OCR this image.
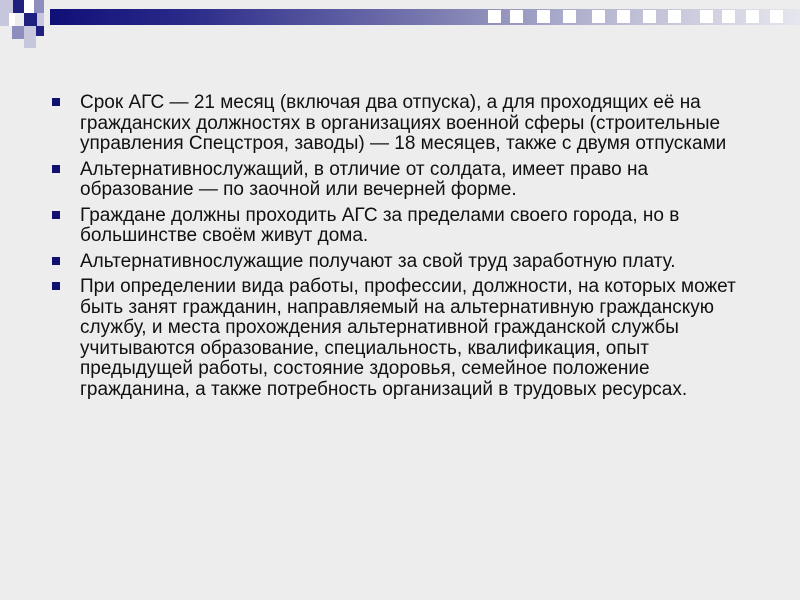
Срок АГС — 21 месяц (включая два отпуска), а для проходящих её на гражданских должностях в организациях военной сферы (строительные управления Спецстроя, заводы) — 18 месяцев, также с двумя отпусками
Альтернативнослужащий, в отличие от солдата, имеет право на образование — по заочной или вечерней форме.
Граждане должны проходить АГС за пределами своего города, но в большинстве своём живут дома.
Альтернативнослужащие получают за свой труд заработную плату.
При определении вида работы, профессии, должности, на которых может быть занят гражданин, направляемый на альтернативную гражданскую службу, и места прохождения альтернативной гражданской службы учитываются образование, специальность, квалификация, опыт предыдущей работы, состояние здоровья, семейное положение гражданина, а также потребность организаций в трудовых ресурсах.
